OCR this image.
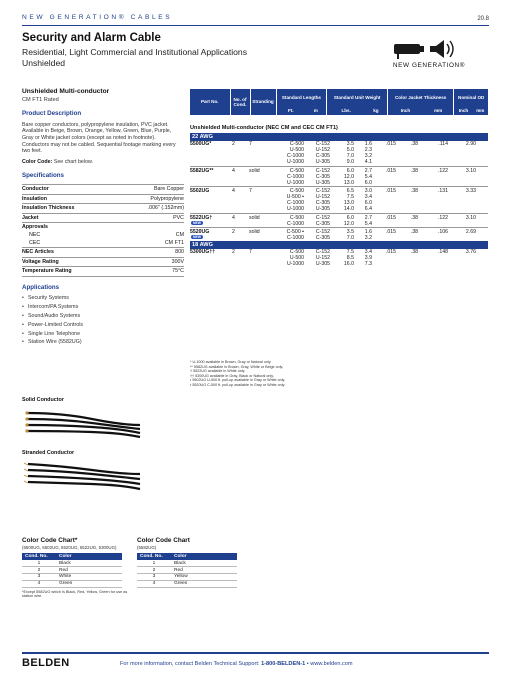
NEW GENERATION® CABLES	20.8
Security and Alarm Cable
Residential, Light Commercial and Institutional Applications
Unshielded	NEW GENERATION®
Unshielded Multi-conductor
CM FT1 Rated
Product Description
Bare copper conductors, polypropylene insulation, PVC jacket. Available in Beige, Brown, Orange, Yellow, Green, Blue, Purple, Gray or White jacket colors (except as noted in footnote). Conductors may not be cabled. Sequential footage marking every two feet.
Color Code: See chart below.
Specifications
Conductor	Bare Copper
Insulation	Polypropylene
Insulation Thickness	.006" (.152mm)
Jacket	PVC
Approvals	
NEC	CM
CEC	CM FT1
NEC Articles	800
Voltage Rating	300V
Temperature Rating	75°C
Applications
• Security Systems
• Intercom/PA Systems
• Sound/Audio Systems
• Power-Limited Controls
• Single Line Telephone
• Station Wire (5582UG)
Solid Conductor
Stranded Conductor
Part No.	No. of Cond.	Stranding	Standard Lengths		Standard Unit Weight		Color Jacket Thickness		Nominal OD	
			Ft.	m	Lbs.	kg	Inch	mm	Inch	mm
Unshielded Multi-conductor (NEC CM and CEC CM FT1)
22 AWG
5500UG*	2	7	C-500	C-152	3.5	1.6	.015	.38	.114	2.90
U-500	U-152	5.0	2.3
C-1000	C-305	7.0	3.2
U-1000	U-305	9.0	4.1
5582UG**	4	solid	C-500	C-152	6.0	2.7	.015	.38	.122	3.10
C-1000	C-305	12.0	5.4
U-1000	U-305	13.0	6.0
5502UG	4	7	C-500	C-152	6.5	3.0	.015	.38	.131	3.33
U-500 ▪	U-152	7.5	3.4
C-1000	C-305	13.0	6.0
U-1000	U-305	14.0	6.4
5522UG†	4	solid	C-500	C-152	6.0	2.7	.015	.38	.122	3.10
NEW	C-1000	C-305	12.0	5.4
5520UG	2	solid	C-500 ▪	C-152	3.5	1.6	.015	.38	.106	2.69
NEW	C-1000	C-305	7.0	3.2
18 AWG
5300UG††	2	7	C-500	C-152	7.5	3.4	.015	.38	.148	3.76
U-500	U-152	8.5	3.9
U-1000	U-305	16.0	7.3
* U-1000 available in Brown, Gray or Natural only.
** 5582UG available in Brown, Gray, White or Beige only.
† 5522UG available in White only.
†† 5300UG available in Gray, Black or Natural only.
▪ 5502UG U-500 ft. pull-up available in Gray or White only.
▪ 5520UG C-500 ft. pull-up available in Gray or White only.
Color Code Chart*
(5500UG, 5502UG, 5520UG, 5522UG, 5300UG)
Cond. No.	Color
1	Black
2	Red
3	White
4	Green
*Except 5582UG which is Black, Red, Yellow, Green for use as station wire.
Color Code Chart
(5582UG)
Cond. No.	Color
1	Black
2	Red
3	Yellow
4	Green
BELDEN	For more information, contact Belden Technical Support: 1-800-BELDEN-1 • www.belden.com
